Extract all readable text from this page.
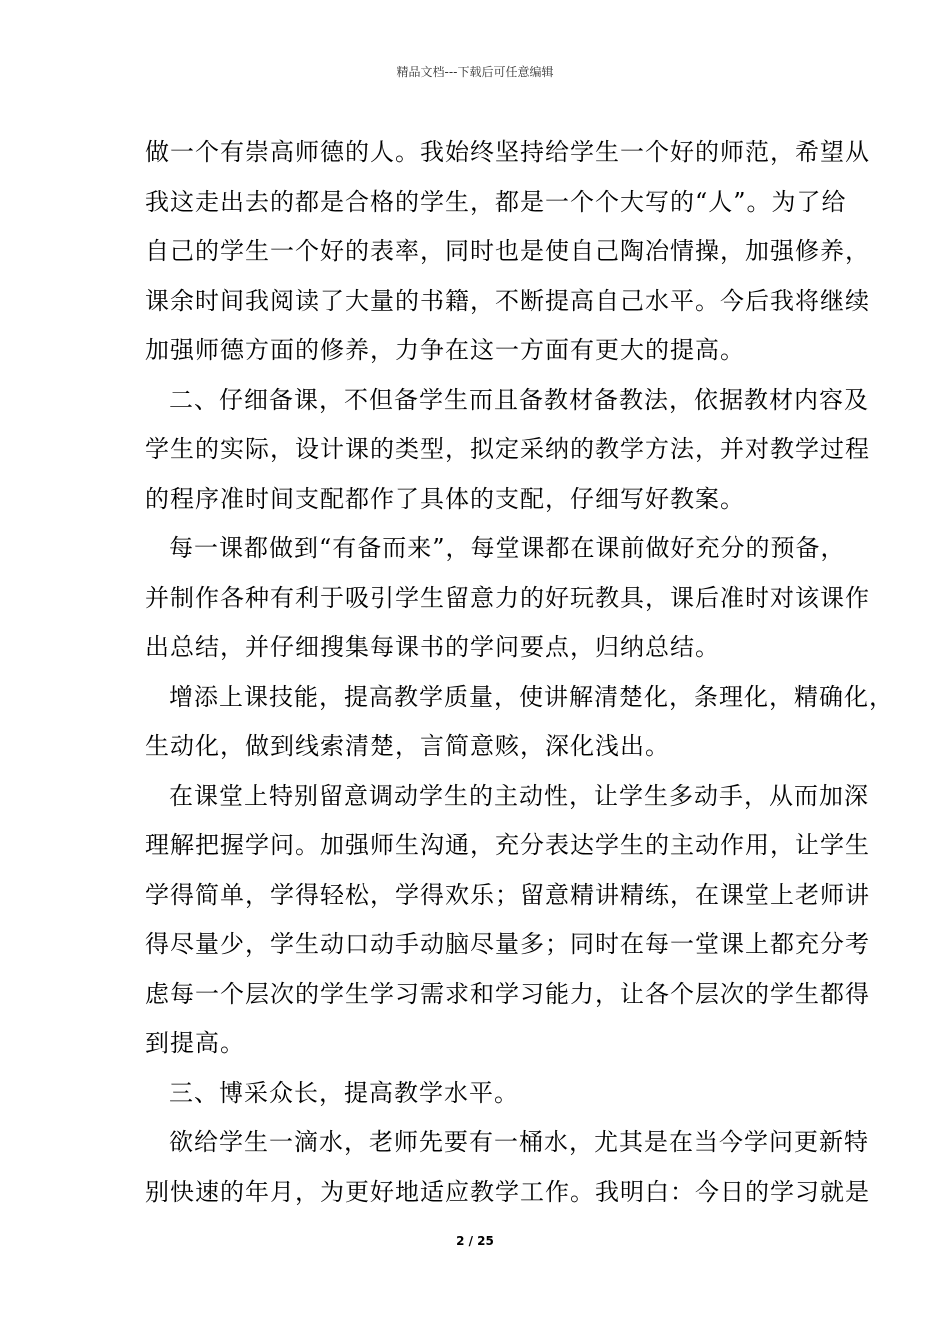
精品文档---下载后可任意编辑
做一个有崇高师德的人。我始终坚持给学生一个好的师范，希望从
我这走出去的都是合格的学生，都是一个个大写的“人”。为了给
自己的学生一个好的表率，同时也是使自己陶冶情操，加强修养，
课余时间我阅读了大量的书籍，不断提高自己水平。今后我将继续
加强师德方面的修养，力争在这一方面有更大的提高。
二、仔细备课，不但备学生而且备教材备教法，依据教材内容及
学生的实际，设计课的类型，拟定采纳的教学方法，并对教学过程
的程序准时间支配都作了具体的支配，仔细写好教案。
每一课都做到“有备而来”，每堂课都在课前做好充分的预备，
并制作各种有利于吸引学生留意力的好玩教具，课后准时对该课作
出总结，并仔细搜集每课书的学问要点，归纳总结。
增添上课技能，提高教学质量，使讲解清楚化，条理化，精确化，
生动化，做到线索清楚，言简意赅，深化浅出。
在课堂上特别留意调动学生的主动性，让学生多动手，从而加深
理解把握学问。加强师生沟通，充分表达学生的主动作用，让学生
学得简单，学得轻松，学得欢乐；留意精讲精练，在课堂上老师讲
得尽量少，学生动口动手动脑尽量多；同时在每一堂课上都充分考
虑每一个层次的学生学习需求和学习能力，让各个层次的学生都得
到提高。
三、博采众长，提高教学水平。
欲给学生一滴水，老师先要有一桶水，尤其是在当今学问更新特
别快速的年月，为更好地适应教学工作。我明白：今日的学习就是
2 / 25
